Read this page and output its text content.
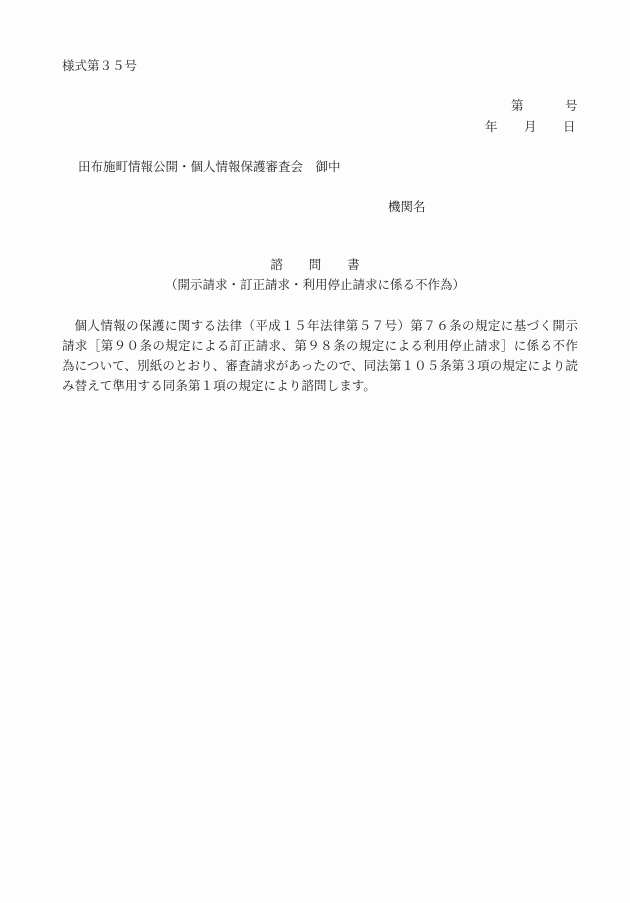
様式第３５号
第	号
年 月 日
田布施町情報公開・個人情報保護審査会　御中
機関名
諮 問 書
（開示請求・訂正請求・利用停止請求に係る不作為）

個人情報の保護に関する法律（平成１５年法律第５７号）第７６条の規定に基づく開示請求［第９０条の規定による訂正請求、第９８条の規定による利用停止請求］に係る不作為について、別紙のとおり、審査請求があったので、同法第１０５条第３項の規定により読み替えて準用する同条第１項の規定により諮問します。
